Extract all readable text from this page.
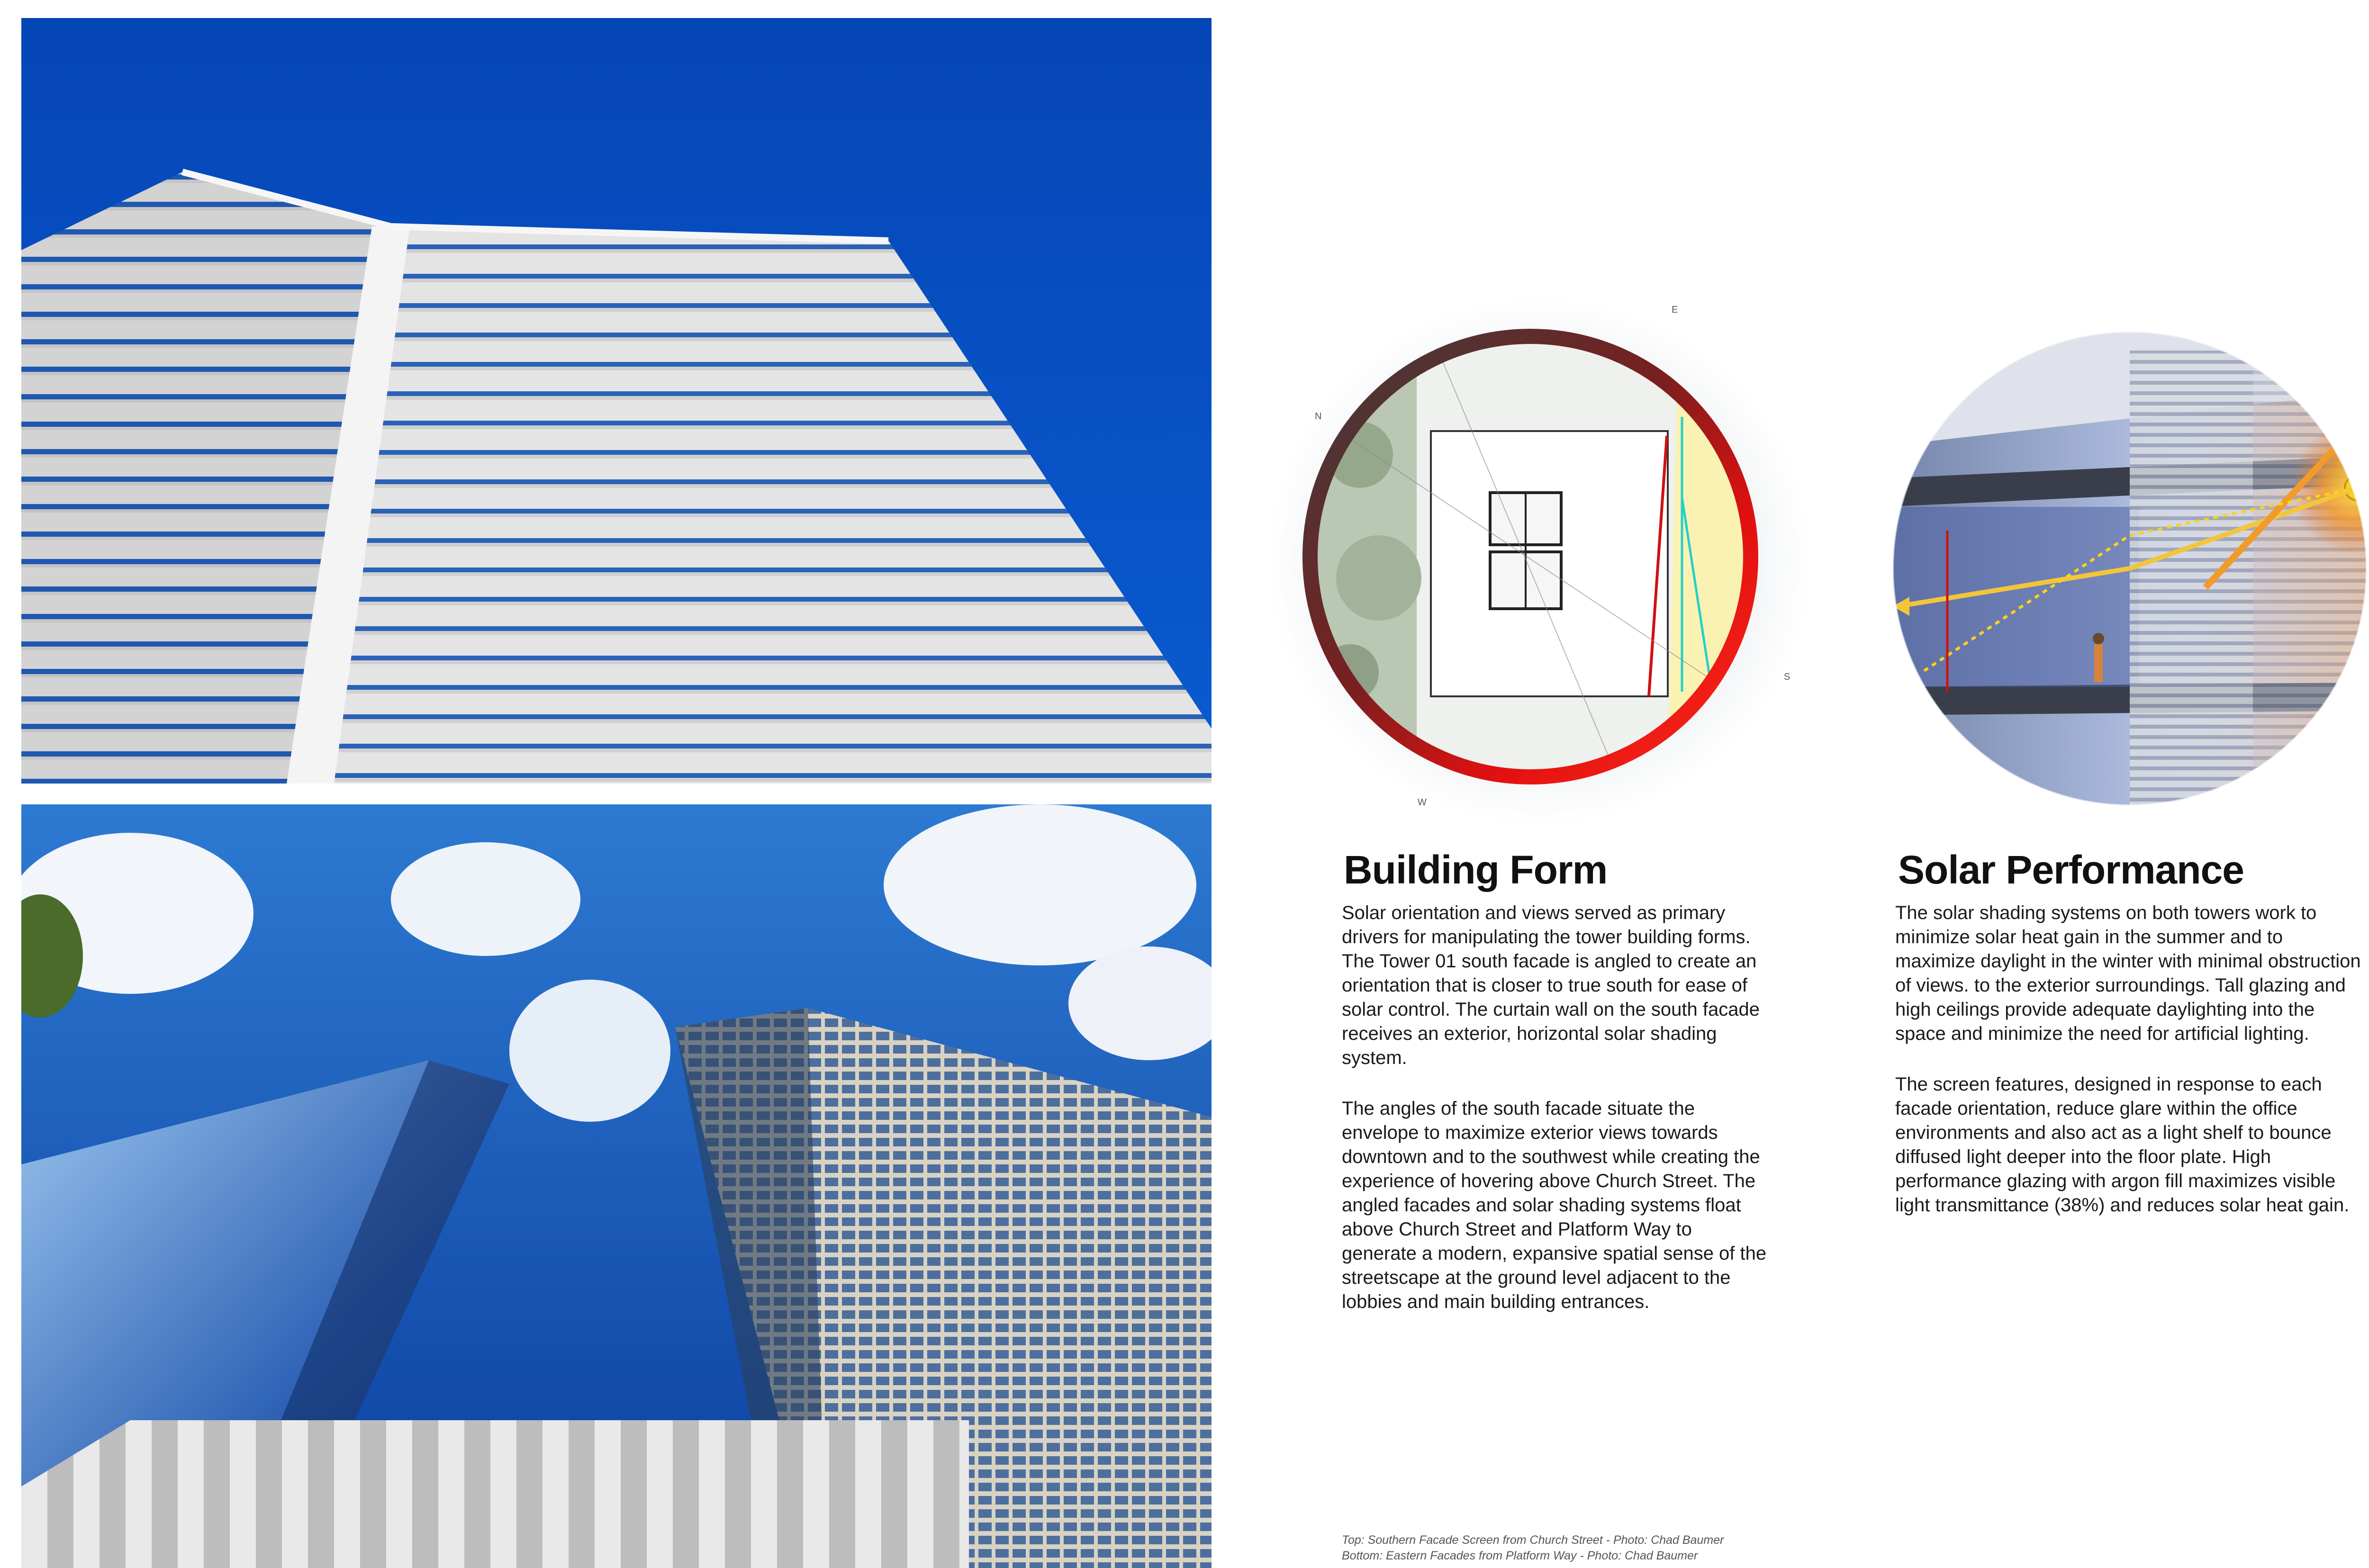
N
E
S
W
Building Form

Solar orientation and views served as primary drivers for manipulating the tower building forms. The Tower 01 south facade is angled to create an orientation that is closer to true south for ease of solar control. The curtain wall on the south facade receives an exterior, horizontal solar shading system.

The angles of the south facade situate the envelope to maximize exterior views towards downtown and to the southwest while creating the experience of hovering above Church Street. The angled facades and solar shading systems float above Church Street and Platform Way to generate a modern, expansive spatial sense of the streetscape at the ground level adjacent to the lobbies and main building entrances.

Solar Performance

The solar shading systems on both towers work to minimize solar heat gain in the summer and to maximize daylight in the winter with minimal obstruction of views. to the exterior surroundings. Tall glazing and high ceilings provide adequate daylighting into the space and minimize the need for artificial lighting.

The screen features, designed in response to each facade orientation, reduce glare within the office environments and also act as a light shelf to bounce diffused light deeper into the floor plate. High performance glazing with argon fill maximizes visible light transmittance (38%) and reduces solar heat gain.

Top: Southern Facade Screen from Church Street - Photo: Chad Baumer
Bottom: Eastern Facades from Platform Way - Photo: Chad Baumer
